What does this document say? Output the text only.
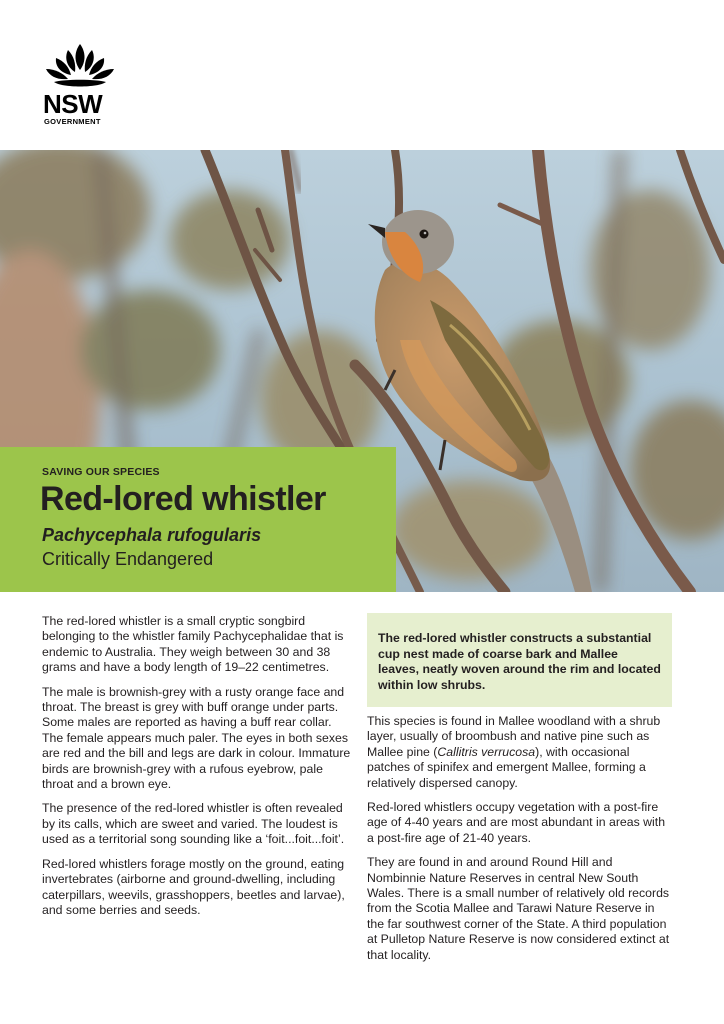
NSW
GOVERNMENT
SAVING OUR SPECIES
Red-lored whistler
Pachycephala rufogularis
Critically Endangered

The red-lored whistler is a small cryptic songbird belonging to the whistler family Pachycephalidae that is endemic to Australia. They weigh between 30 and 38 grams and have a body length of 19–22 centimetres.

The male is brownish-grey with a rusty orange face and throat. The breast is grey with buff orange under parts. Some males are reported as having a buff rear collar. The female appears much paler. The eyes in both sexes are red and the bill and legs are dark in colour. Immature birds are brownish-grey with a rufous eyebrow, pale throat and a brown eye.

The presence of the red-lored whistler is often revealed by its calls, which are sweet and varied. The loudest is used as a territorial song sounding like a ‘foit...foit...foit’.

Red-lored whistlers forage mostly on the ground, eating invertebrates (airborne and ground-dwelling, including caterpillars, weevils, grasshoppers, beetles and larvae), and some berries and seeds.

The red-lored whistler constructs a substantial cup nest made of coarse bark and Mallee leaves, neatly woven around the rim and located within low shrubs.

This species is found in Mallee woodland with a shrub layer, usually of broombush and native pine such as Mallee pine (Callitris verrucosa), with occasional patches of spinifex and emergent Mallee, forming a relatively dispersed canopy.

Red-lored whistlers occupy vegetation with a post-fire age of 4-40 years and are most abundant in areas with a post-fire age of 21-40 years.

They are found in and around Round Hill and Nombinnie Nature Reserves in central New South Wales. There is a small number of relatively old records from the Scotia Mallee and Tarawi Nature Reserve in the far southwest corner of the State. A third population at Pulletop Nature Reserve is now considered extinct at that locality.
